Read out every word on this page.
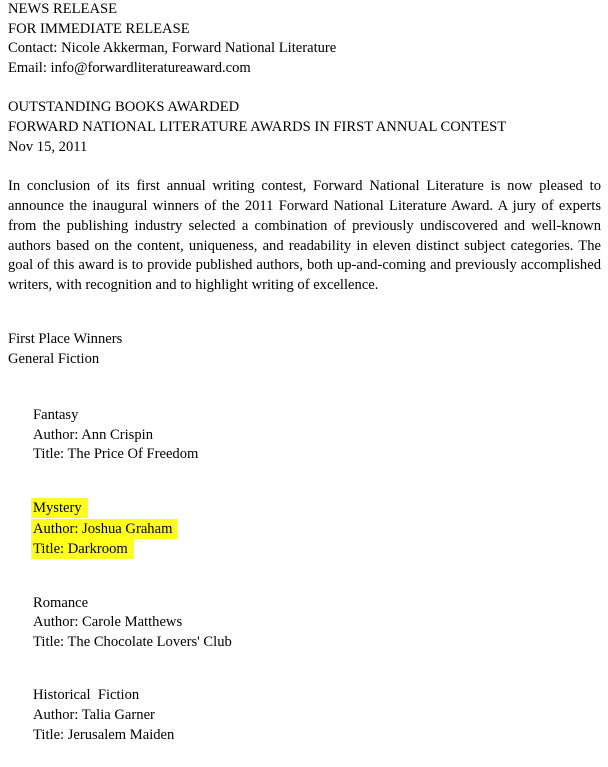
NEWS RELEASE
FOR IMMEDIATE RELEASE
Contact: Nicole Akkerman, Forward National Literature
Email: info@forwardliteratureaward.com
OUTSTANDING BOOKS AWARDED
FORWARD NATIONAL LITERATURE AWARDS IN FIRST ANNUAL CONTEST
Nov 15, 2011
In conclusion of its first annual writing contest, Forward National Literature is now pleased to announce the inaugural winners of the 2011 Forward National Literature Award. A jury of experts from the publishing industry selected a combination of previously undiscovered and well-known authors based on the content, uniqueness, and readability in eleven distinct subject categories. The goal of this award is to provide published authors, both up-and-coming and previously accomplished writers, with recognition and to highlight writing of excellence.
First Place Winners
General Fiction
Fantasy
Author: Ann Crispin
Title: The Price Of Freedom
Mystery
Author: Joshua Graham
Title: Darkroom
Romance
Author: Carole Matthews
Title: The Chocolate Lovers' Club
Historical  Fiction
Author: Talia Garner
Title: Jerusalem Maiden
